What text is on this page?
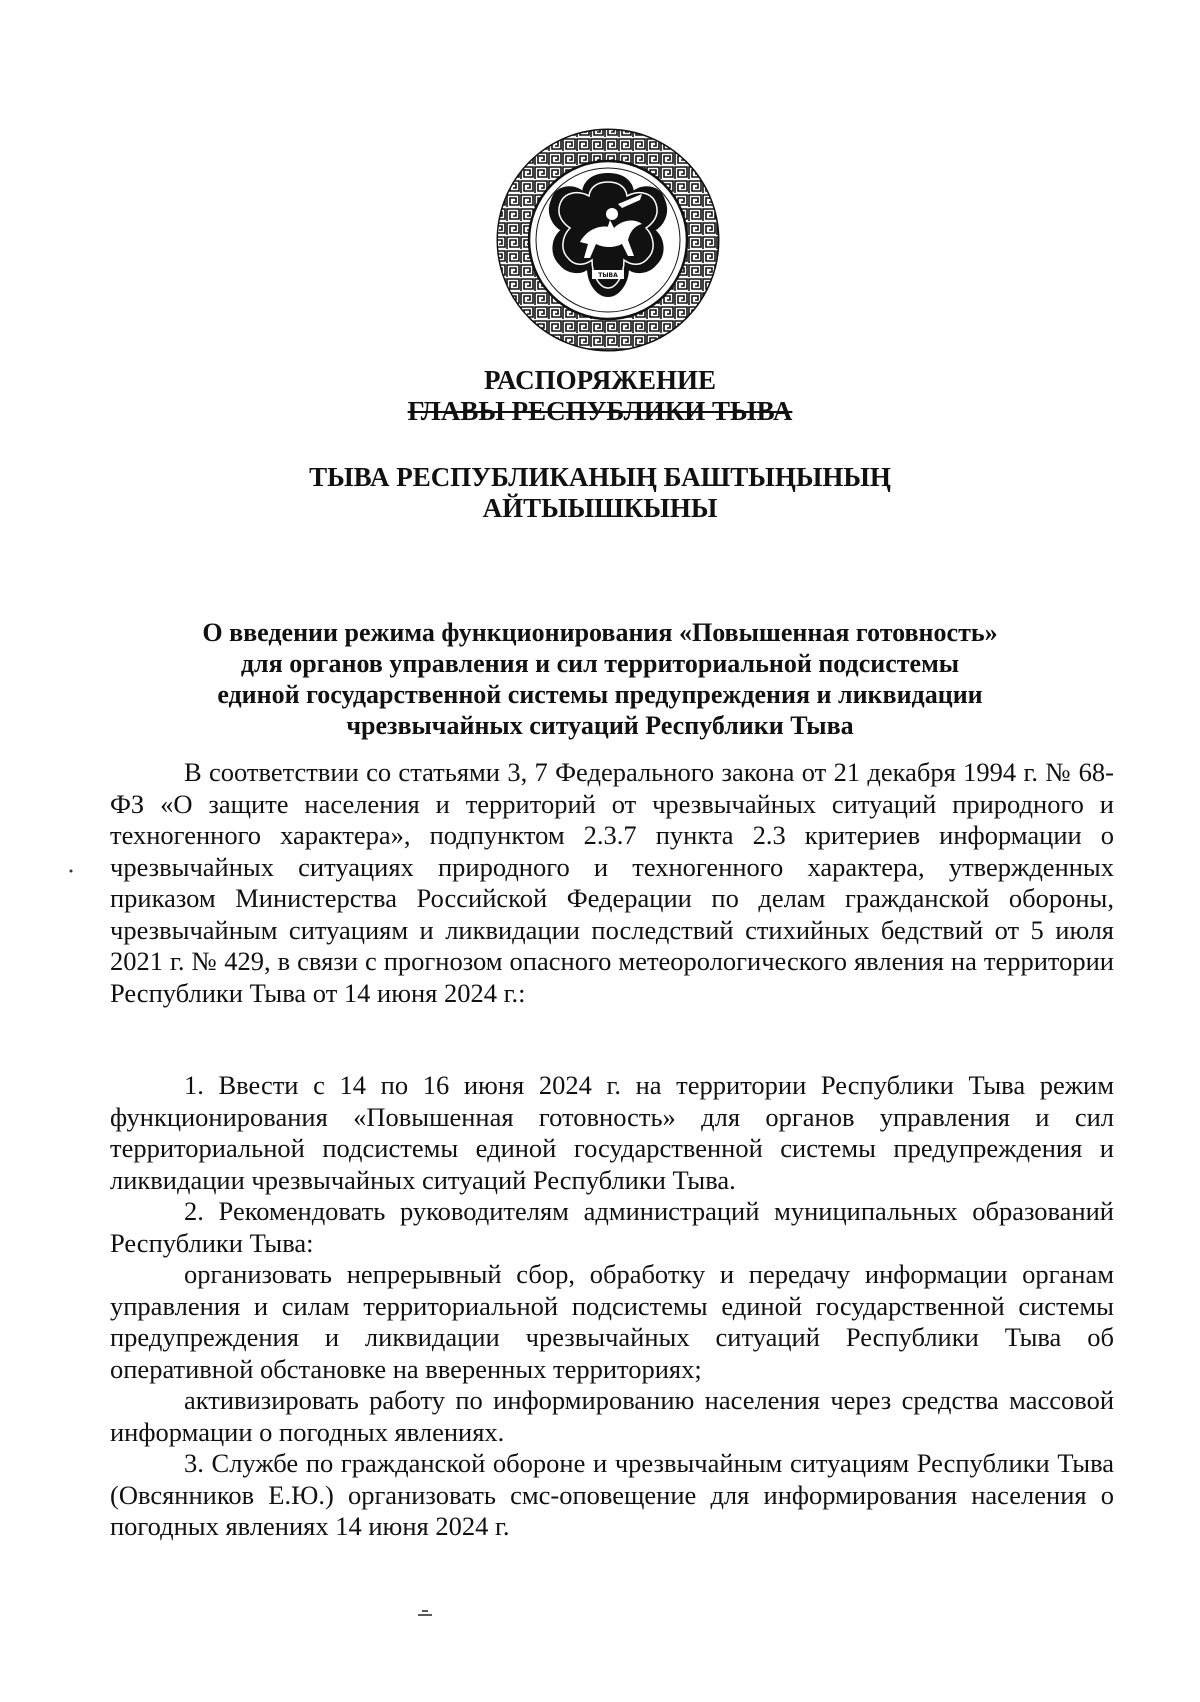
ТЫВА
РАСПОРЯЖЕНИЕ
ГЛАВЫ РЕСПУБЛИКИ ТЫВА
ТЫВА РЕСПУБЛИКАНЫҢ БАШТЫҢЫНЫҢ
АЙТЫЫШКЫНЫ
О введении режима функционирования «Повышенная готовность»
для органов управления и сил территориальной подсистемы
единой государственной системы предупреждения и ликвидации
чрезвычайных ситуаций Республики Тыва

В соответствии со статьями 3, 7 Федерального закона от 21 декабря 1994 г. № 68-ФЗ «О защите населения и территорий от чрезвычайных ситуаций природного и техногенного характера», подпунктом 2.3.7 пункта 2.3 критериев информации о чрезвычайных ситуациях природного и техногенного характера, утвержденных приказом Министерства Российской Федерации по делам гражданской обороны, чрезвычайным ситуациям и ликвидации последствий стихийных бедствий от 5 июля 2021 г. № 429, в связи с прогнозом опасного метеорологического явления на территории Республики Тыва от 14 июня 2024 г.:

1. Ввести с 14 по 16 июня 2024 г. на территории Республики Тыва режим функционирования «Повышенная готовность» для органов управления и сил территориальной подсистемы единой государственной системы предупреждения и ликвидации чрезвычайных ситуаций Республики Тыва.

2. Рекомендовать руководителям администраций муниципальных образований Республики Тыва:

организовать непрерывный сбор, обработку и передачу информации органам управления и силам территориальной подсистемы единой государственной системы предупреждения и ликвидации чрезвычайных ситуаций Республики Тыва об оперативной обстановке на вверенных территориях;

активизировать работу по информированию населения через средства массовой информации о погодных явлениях.

3. Службе по гражданской обороне и чрезвычайным ситуациям Республики Тыва (Овсянников Е.Ю.) организовать смс-оповещение для информирования населения о погодных явлениях 14 июня 2024 г.
